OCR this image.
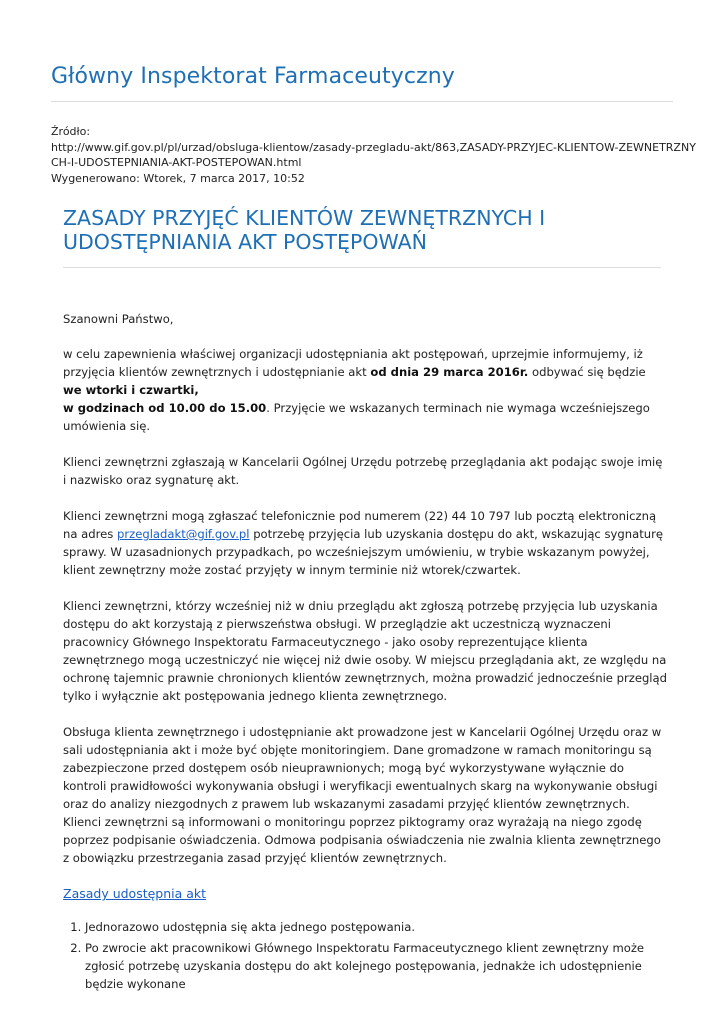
Główny Inspektorat Farmaceutyczny
Źródło:
http://www.gif.gov.pl/pl/urzad/obsluga-klientow/zasady-przegladu-akt/863,ZASADY-PRZYJEC-KLIENTOW-ZEWNETRZNY
CH-I-UDOSTEPNIANIA-AKT-POSTEPOWAN.html
Wygenerowano: Wtorek, 7 marca 2017, 10:52
ZASADY PRZYJĘĆ KLIENTÓW ZEWNĘTRZNYCH I UDOSTĘPNIANIA AKT POSTĘPOWAŃ

Szanowni Państwo,

w celu zapewnienia właściwej organizacji udostępniania akt postępowań, uprzejmie informujemy, iż przyjęcia klientów zewnętrznych i udostępnianie akt od dnia 29 marca 2016r. odbywać się będzie we wtorki i czwartki,
w godzinach od 10.00 do 15.00. Przyjęcie we wskazanych terminach nie wymaga wcześniejszego umówienia się.

Klienci zewnętrzni zgłaszają w Kancelarii Ogólnej Urzędu potrzebę przeglądania akt podając swoje imię i nazwisko oraz sygnaturę akt.

Klienci zewnętrzni mogą zgłaszać telefonicznie pod numerem (22) 44 10 797 lub pocztą elektroniczną na adres przegladakt@gif.gov.pl potrzebę przyjęcia lub uzyskania dostępu do akt, wskazując sygnaturę sprawy. W uzasadnionych przypadkach, po wcześniejszym umówieniu, w trybie wskazanym powyżej, klient zewnętrzny może zostać przyjęty w innym terminie niż wtorek/czwartek.

Klienci zewnętrzni, którzy wcześniej niż w dniu przeglądu akt zgłoszą potrzebę przyjęcia lub uzyskania dostępu do akt korzystają z pierwszeństwa obsługi. W przeglądzie akt uczestniczą wyznaczeni pracownicy Głównego Inspektoratu Farmaceutycznego - jako osoby reprezentujące klienta zewnętrznego mogą uczestniczyć nie więcej niż dwie osoby. W miejscu przeglądania akt, ze względu na ochronę tajemnic prawnie chronionych klientów zewnętrznych, można prowadzić jednocześnie przegląd tylko i wyłącznie akt postępowania jednego klienta zewnętrznego.

Obsługa klienta zewnętrznego i udostępnianie akt prowadzone jest w Kancelarii Ogólnej Urzędu oraz w sali udostępniania akt i może być objęte monitoringiem. Dane gromadzone w ramach monitoringu są zabezpieczone przed dostępem osób nieuprawnionych; mogą być wykorzystywane wyłącznie do kontroli prawidłowości wykonywania obsługi i weryfikacji ewentualnych skarg na wykonywanie obsługi oraz do analizy niezgodnych z prawem lub wskazanymi zasadami przyjęć klientów zewnętrznych. Klienci zewnętrzni są informowani o monitoringu poprzez piktogramy oraz wyrażają na niego zgodę poprzez podpisanie oświadczenia. Odmowa podpisania oświadczenia nie zwalnia klienta zewnętrznego z obowiązku przestrzegania zasad przyjęć klientów zewnętrznych.

Zasady udostępnia akt
1. Jednorazowo udostępnia się akta jednego postępowania.
2. Po zwrocie akt pracownikowi Głównego Inspektoratu Farmaceutycznego klient zewnętrzny może zgłosić potrzebę uzyskania dostępu do akt kolejnego postępowania, jednakże ich udostępnienie będzie wykonane
